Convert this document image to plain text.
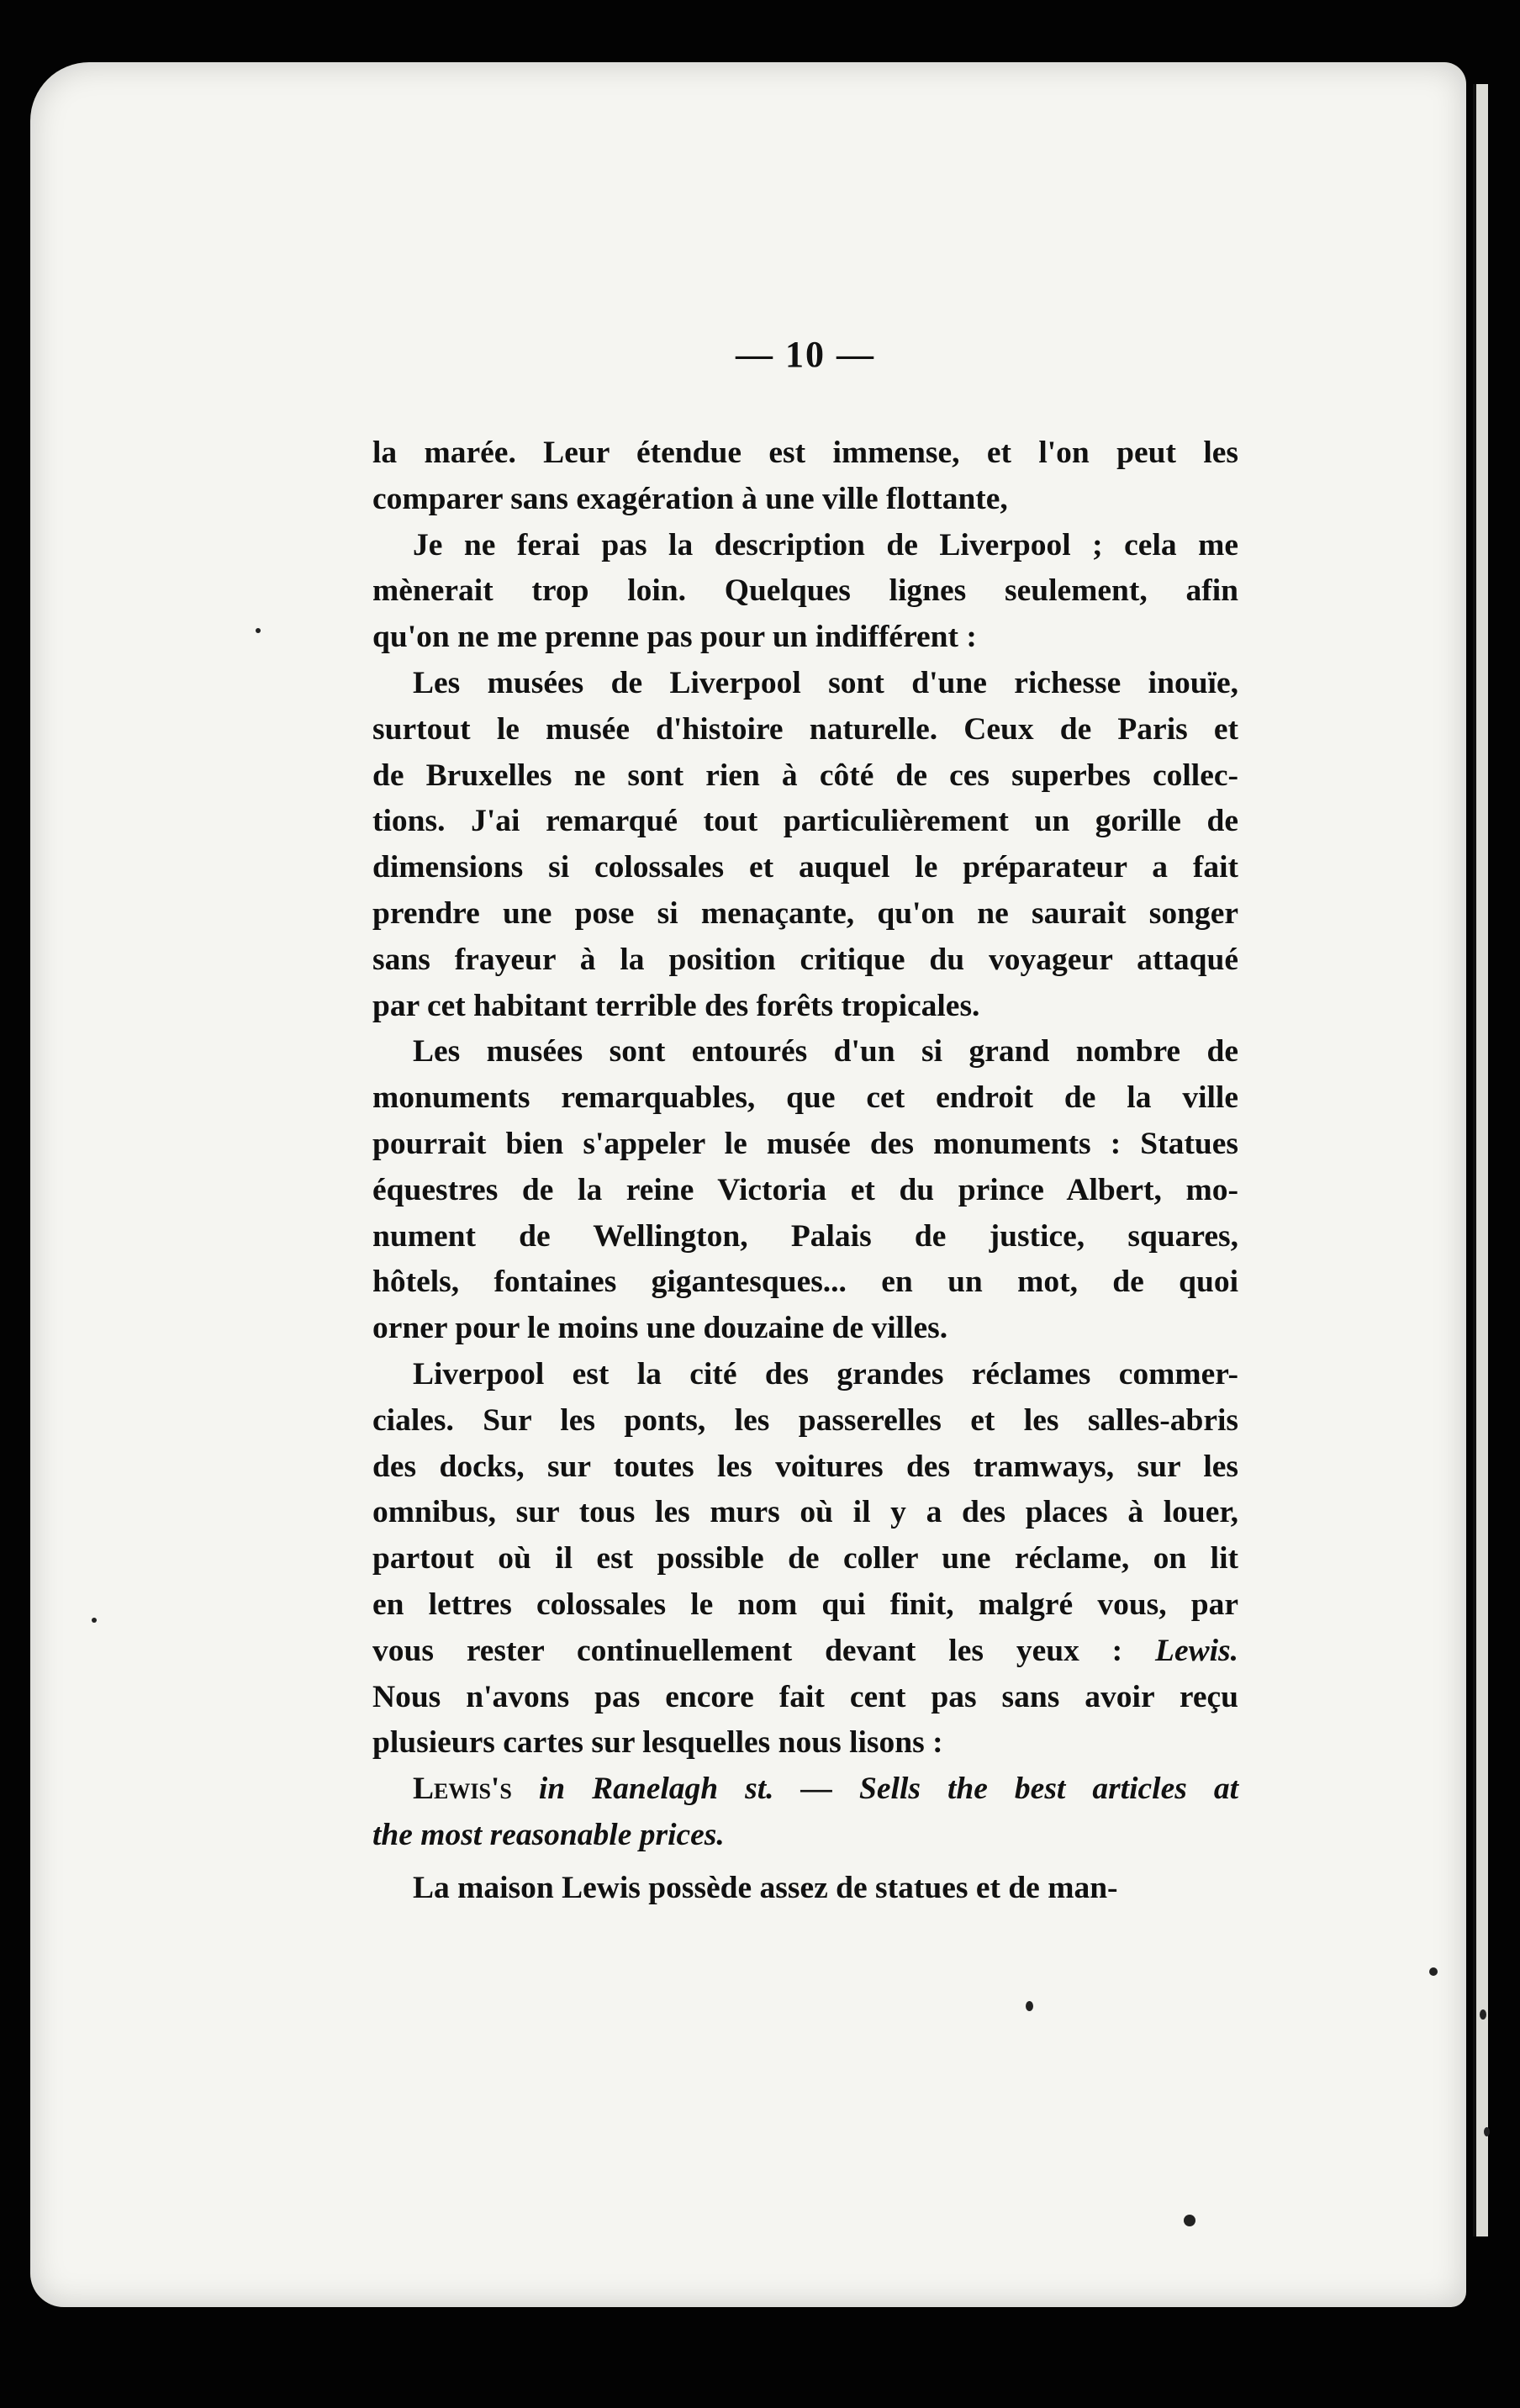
— 10 —
la marée. Leur étendue est immense, et l'on peut les
comparer sans exagération à une ville flottante,
Je ne ferai pas la description de Liverpool ; cela me
mènerait trop loin. Quelques lignes seulement, afin
qu'on ne me prenne pas pour un indifférent :
Les musées de Liverpool sont d'une richesse inouïe,
surtout le musée d'histoire naturelle. Ceux de Paris et
de Bruxelles ne sont rien à côté de ces superbes collec-
tions. J'ai remarqué tout particulièrement un gorille de
dimensions si colossales et auquel le préparateur a fait
prendre une pose si menaçante, qu'on ne saurait songer
sans frayeur à la position critique du voyageur attaqué
par cet habitant terrible des forêts tropicales.
Les musées sont entourés d'un si grand nombre de
monuments remarquables, que cet endroit de la ville
pourrait bien s'appeler le musée des monuments : Statues
équestres de la reine Victoria et du prince Albert, mo-
nument de Wellington, Palais de justice, squares,
hôtels, fontaines gigantesques... en un mot, de quoi
orner pour le moins une douzaine de villes.
Liverpool est la cité des grandes réclames commer-
ciales. Sur les ponts, les passerelles et les salles-abris
des docks, sur toutes les voitures des tramways, sur les
omnibus, sur tous les murs où il y a des places à louer,
partout où il est possible de coller une réclame, on lit
en lettres colossales le nom qui finit, malgré vous, par
vous rester continuellement devant les yeux : Lewis.
Nous n'avons pas encore fait cent pas sans avoir reçu
plusieurs cartes sur lesquelles nous lisons :
Lewis's in Ranelagh st. — Sells the best articles at
the most reasonable prices.
La maison Lewis possède assez de statues et de man-
